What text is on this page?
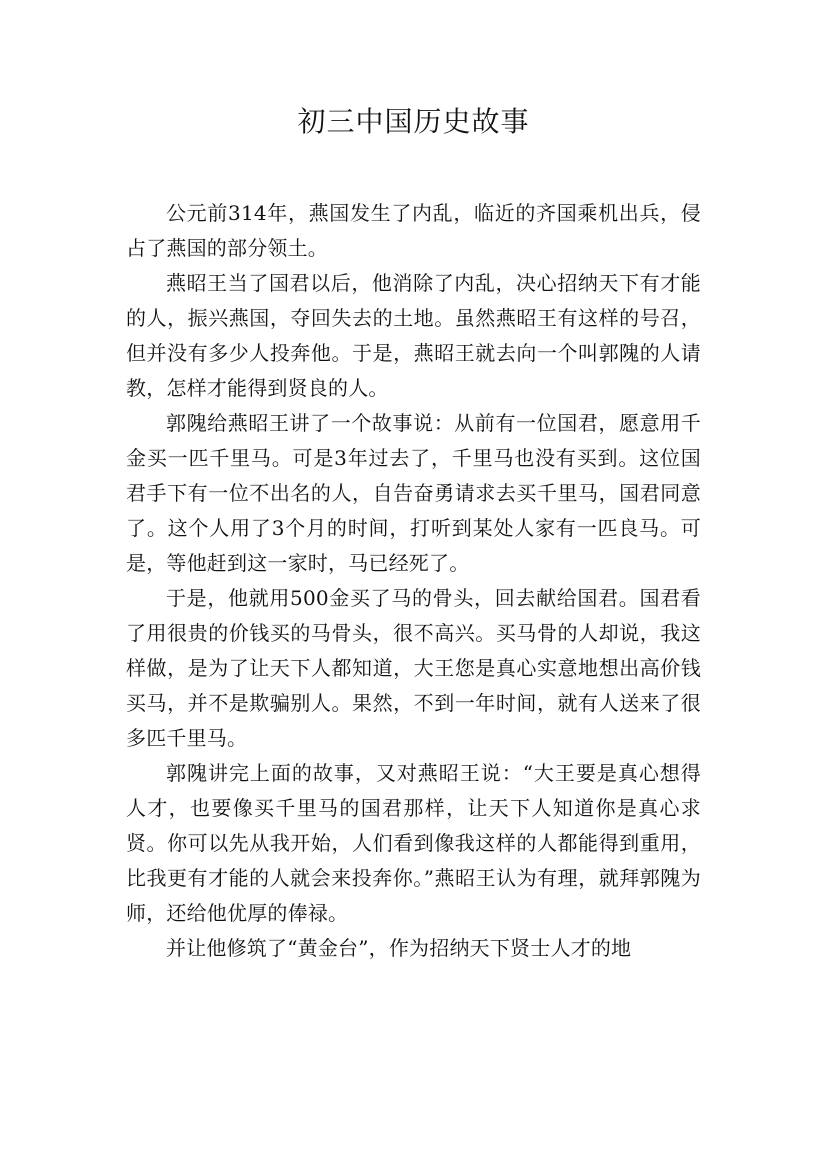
初三中国历史故事

公元前314年，燕国发生了内乱，临近的齐国乘机出兵，侵占了燕国的部分领土。

燕昭王当了国君以后，他消除了内乱，决心招纳天下有才能的人，振兴燕国，夺回失去的土地。虽然燕昭王有这样的号召，但并没有多少人投奔他。于是，燕昭王就去向一个叫郭隗的人请教，怎样才能得到贤良的人。

郭隗给燕昭王讲了一个故事说：从前有一位国君，愿意用千金买一匹千里马。可是3年过去了，千里马也没有买到。这位国君手下有一位不出名的人，自告奋勇请求去买千里马，国君同意了。这个人用了3个月的时间，打听到某处人家有一匹良马。可是，等他赶到这一家时，马已经死了。

于是，他就用500金买了马的骨头，回去献给国君。国君看了用很贵的价钱买的马骨头，很不高兴。买马骨的人却说，我这样做，是为了让天下人都知道，大王您是真心实意地想出高价钱买马，并不是欺骗别人。果然，不到一年时间，就有人送来了很多匹千里马。

郭隗讲完上面的故事，又对燕昭王说：“大王要是真心想得人才，也要像买千里马的国君那样，让天下人知道你是真心求贤。你可以先从我开始，人们看到像我这样的人都能得到重用，比我更有才能的人就会来投奔你。”燕昭王认为有理，就拜郭隗为师，还给他优厚的俸禄。

并让他修筑了“黄金台”，作为招纳天下贤士人才的地
